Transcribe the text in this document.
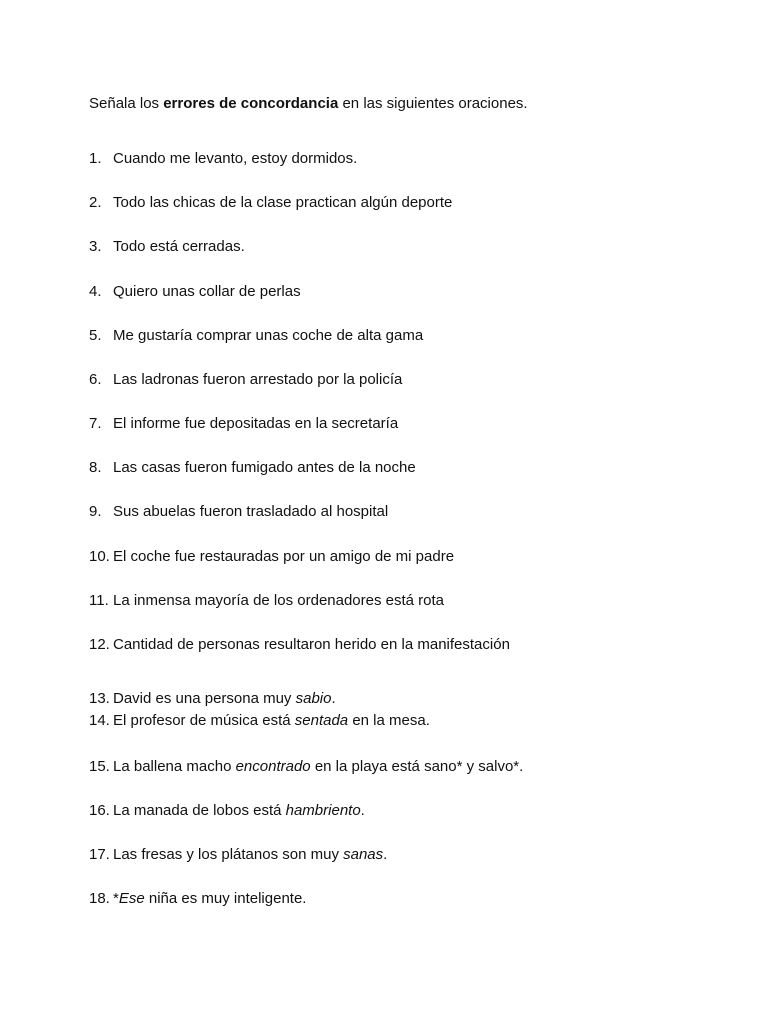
Señala los errores de concordancia en las siguientes oraciones.
1. Cuando me levanto, estoy dormidos.
2. Todo las chicas de la clase practican algún deporte
3. Todo está cerradas.
4. Quiero unas collar de perlas
5. Me gustaría comprar unas coche de alta gama
6. Las ladronas fueron arrestado por la policía
7. El informe fue depositadas en la secretaría
8. Las casas fueron fumigado antes de la noche
9. Sus abuelas fueron trasladado al hospital
10. El coche fue restauradas por un amigo de mi padre
11. La inmensa mayoría de los ordenadores está rota
12. Cantidad de personas resultaron herido en la manifestación
13. David es una persona muy sabio.
14. El profesor de música está sentada en la mesa.
15. La ballena macho encontrado en la playa está sano* y salvo*.
16. La manada de lobos está hambriento.
17. Las fresas y los plátanos son muy sanas.
18. *Ese niña es muy inteligente.
